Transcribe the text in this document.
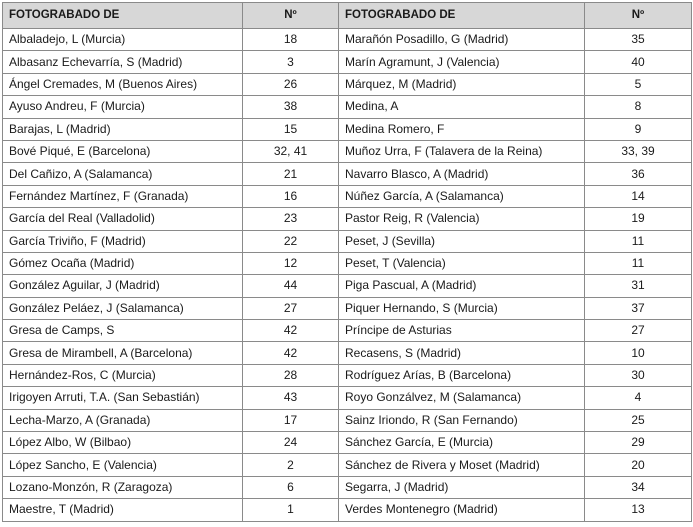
FOTOGRABADO DE	Nº	FOTOGRABADO DE	Nº
Albaladejo, L (Murcia)	18	Marañón Posadillo, G (Madrid)	35
Albasanz Echevarría, S (Madrid)	3	Marín Agramunt, J (Valencia)	40
Ángel Cremades, M (Buenos Aires)	26	Márquez, M (Madrid)	5
Ayuso Andreu, F (Murcia)	38	Medina, A	8
Barajas, L (Madrid)	15	Medina Romero, F	9
Bové Piqué, E (Barcelona)	32, 41	Muñoz Urra, F (Talavera de la Reina)	33, 39
Del Cañizo, A (Salamanca)	21	Navarro Blasco, A (Madrid)	36
Fernández Martínez, F (Granada)	16	Núñez García, A (Salamanca)	14
García del Real (Valladolid)	23	Pastor Reig, R (Valencia)	19
García Triviño, F (Madrid)	22	Peset, J (Sevilla)	11
Gómez Ocaña (Madrid)	12	Peset, T (Valencia)	11
González Aguilar, J (Madrid)	44	Piga Pascual, A (Madrid)	31
González Peláez, J (Salamanca)	27	Piquer Hernando, S (Murcia)	37
Gresa de Camps, S	42	Príncipe de Asturias	27
Gresa de Mirambell, A (Barcelona)	42	Recasens, S (Madrid)	10
Hernández-Ros, C (Murcia)	28	Rodríguez Arías, B (Barcelona)	30
Irigoyen Arruti, T.A. (San Sebastián)	43	Royo Gonzálvez, M (Salamanca)	4
Lecha-Marzo, A (Granada)	17	Sainz Iriondo, R (San Fernando)	25
López Albo, W (Bilbao)	24	Sánchez García, E (Murcia)	29
López Sancho, E (Valencia)	2	Sánchez de Rivera y Moset (Madrid)	20
Lozano-Monzón, R (Zaragoza)	6	Segarra, J (Madrid)	34
Maestre, T (Madrid)	1	Verdes Montenegro (Madrid)	13
